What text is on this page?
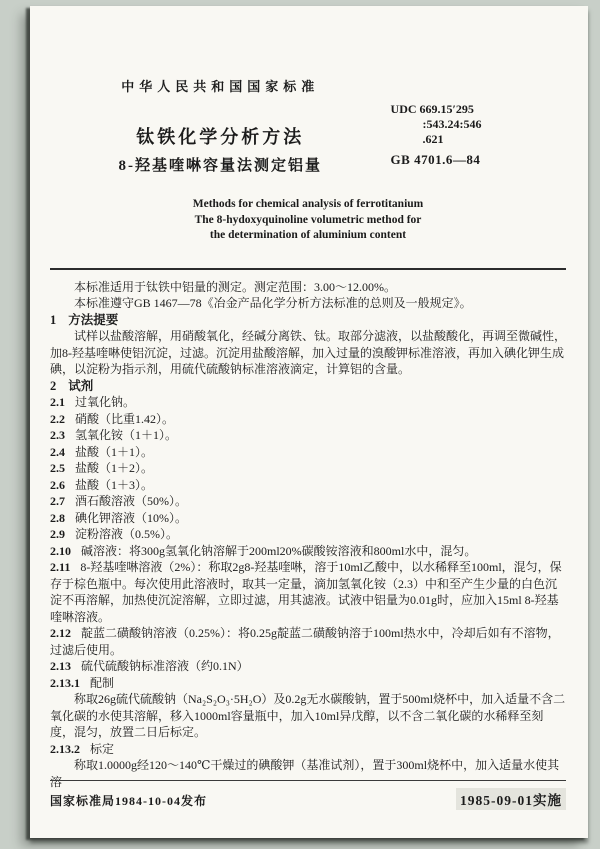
中华人民共和国国家标准
钛铁化学分析方法
8-羟基喹啉容量法测定铝量
UDC 669.15′295
:543.24:546
.621
GB 4701.6—84
Methods for chemical analysis of ferrotitanium
The 8-hydoxyquinoline volumetric method for
the determination of aluminium content

本标准适用于钛铁中铝量的测定。测定范围：3.00～12.00%。

本标准遵守GB 1467—78《冶金产品化学分析方法标准的总则及一般规定》。

1 方法提要

试样以盐酸溶解，用硝酸氧化，经碱分离铁、钛。取部分滤液，以盐酸酸化，再调至微碱性，加8-羟基喹啉使铝沉淀，过滤。沉淀用盐酸溶解，加入过量的溴酸钾标准溶液，再加入碘化钾生成碘，以淀粉为指示剂，用硫代硫酸钠标准溶液滴定，计算铝的含量。

2 试剂

2.1 过氧化钠。

2.2 硝酸（比重1.42）。

2.3 氢氧化铵（1＋1）。

2.4 盐酸（1＋1）。

2.5 盐酸（1＋2）。

2.6 盐酸（1＋3）。

2.7 酒石酸溶液（50%）。

2.8 碘化钾溶液（10%）。

2.9 淀粉溶液（0.5%）。

2.10 碱溶液：将300g氢氧化钠溶解于200ml20%碳酸铵溶液和800ml水中，混匀。

2.11 8-羟基喹啉溶液（2%）：称取2g8-羟基喹啉，溶于10ml乙酸中，以水稀释至100ml，混匀，保存于棕色瓶中。每次使用此溶液时，取其一定量，滴加氢氧化铵（2.3）中和至产生少量的白色沉淀不再溶解，加热使沉淀溶解，立即过滤，用其滤液。试液中铝量为0.01g时，应加入15ml 8-羟基喹啉溶液。

2.12 靛蓝二磺酸钠溶液（0.25%）：将0.25g靛蓝二磺酸钠溶于100ml热水中，冷却后如有不溶物，过滤后使用。

2.13 硫代硫酸钠标准溶液（约0.1N）

2.13.1 配制

称取26g硫代硫酸钠（Na₂S₂O₃·5H₂O）及0.2g无水碳酸钠，置于500ml烧杯中，加入适量不含二氧化碳的水使其溶解，移入1000ml容量瓶中，加入10ml异戊醇，以不含二氧化碳的水稀释至刻度，混匀，放置二日后标定。

2.13.2 标定

称取1.0000g经120～140℃干燥过的碘酸钾（基准试剂），置于300ml烧杯中，加入适量水使其溶

国家标准局1984-10-04发布	1985-09-01实施
